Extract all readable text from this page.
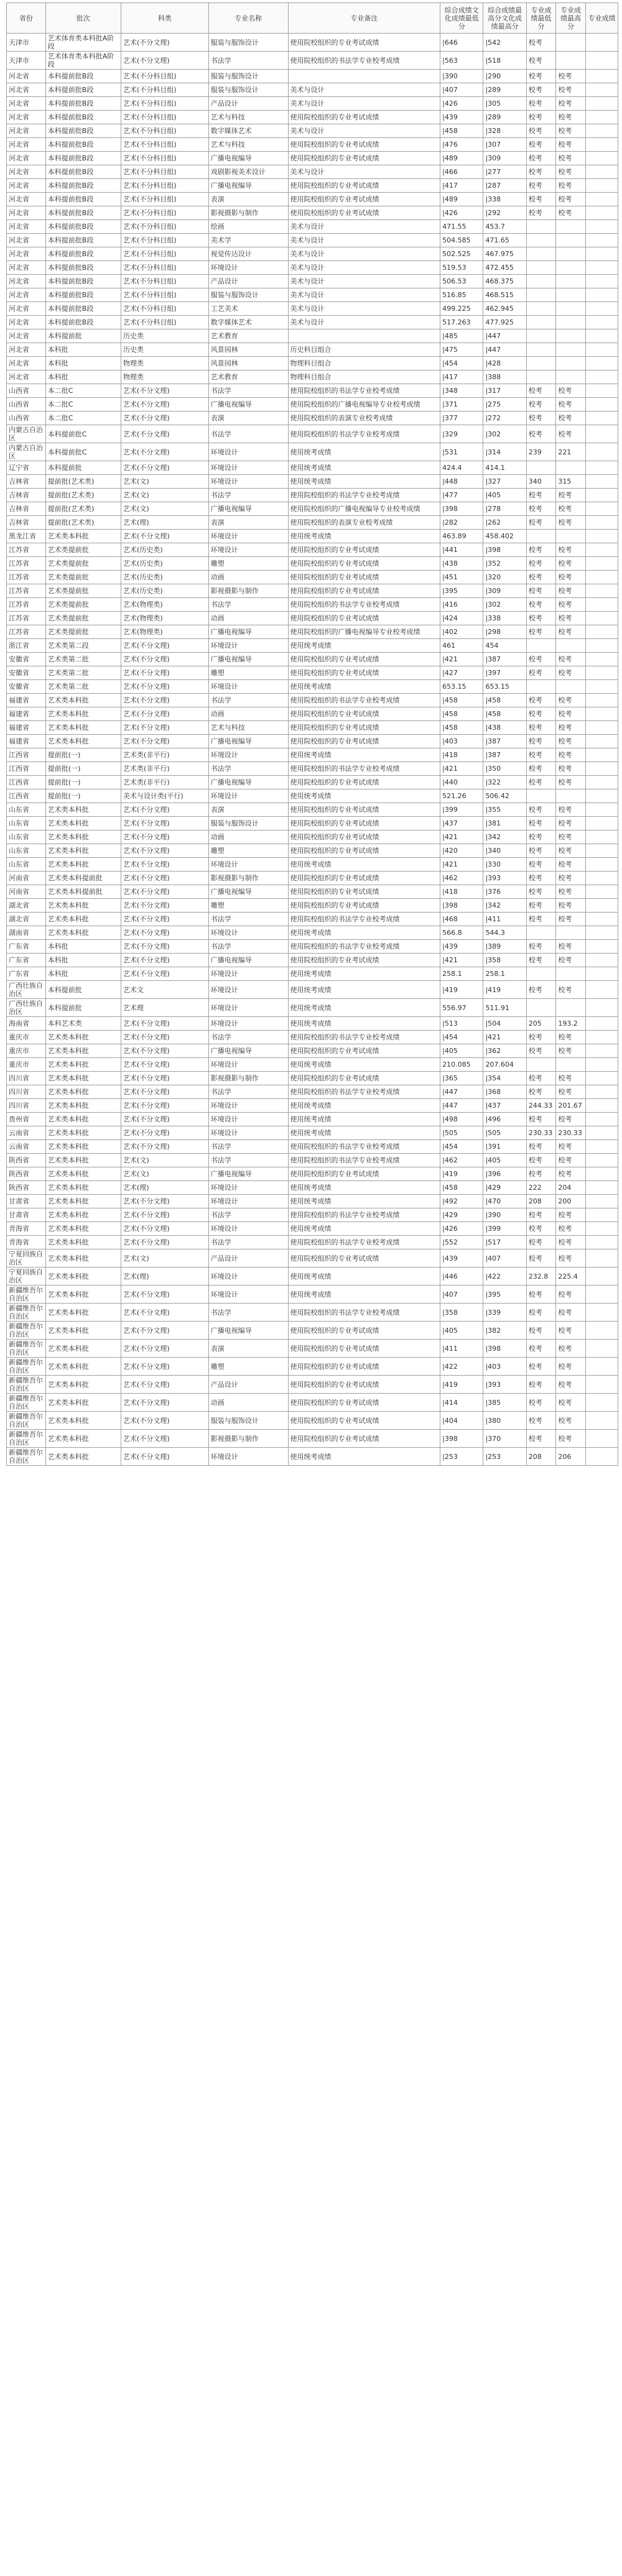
省份	批次	科类	专业名称	专业备注	综合成绩文化成绩最低分	综合成绩最高分文化成绩最高分	专业成绩最低分	专业成绩最高分	专业成绩
天津市	艺术体育类本科批A阶段	艺术(不分文理)	服装与服饰设计	使用院校组织的专业考试成绩	|646	|542	校考		
天津市	艺术体育类本科批A阶段	艺术(不分文理)	书法学	使用院校组织的书法学专业校考成绩	|563	|518	校考		
河北省	本科提前批B段	艺术(不分科目组)	服装与服饰设计		|390	|290	校考	校考	
河北省	本科提前批B段	艺术(不分科目组)	服装与服饰设计	美术与设计	|407	|289	校考	校考	
河北省	本科提前批B段	艺术(不分科目组)	产品设计	美术与设计	|426	|305	校考	校考	
河北省	本科提前批B段	艺术(不分科目组)	艺术与科技	使用院校组织的专业考试成绩	|439	|289	校考	校考	
河北省	本科提前批B段	艺术(不分科目组)	数字媒体艺术	美术与设计	|458	|328	校考	校考	
河北省	本科提前批B段	艺术(不分科目组)	艺术与科技	使用院校组织的专业考试成绩	|476	|307	校考	校考	
河北省	本科提前批B段	艺术(不分科目组)	广播电视编导	使用院校组织的专业考试成绩	|489	|309	校考	校考	
河北省	本科提前批B段	艺术(不分科目组)	戏剧影视美术设计	美术与设计	|466	|277	校考	校考	
河北省	本科提前批B段	艺术(不分科目组)	广播电视编导	使用院校组织的专业考试成绩	|417	|287	校考	校考	
河北省	本科提前批B段	艺术(不分科目组)	表演	使用院校组织的专业考试成绩	|489	|338	校考	校考	
河北省	本科提前批B段	艺术(不分科目组)	影视摄影与制作	使用院校组织的专业考试成绩	|426	|292	校考	校考	
河北省	本科提前批B段	艺术(不分科目组)	绘画	美术与设计	471.55	453.7			
河北省	本科提前批B段	艺术(不分科目组)	美术学	美术与设计	504.585	471.65			
河北省	本科提前批B段	艺术(不分科目组)	视觉传达设计	美术与设计	502.525	467.975			
河北省	本科提前批B段	艺术(不分科目组)	环境设计	美术与设计	519.53	472.455			
河北省	本科提前批B段	艺术(不分科目组)	产品设计	美术与设计	506.53	468.375			
河北省	本科提前批B段	艺术(不分科目组)	服装与服饰设计	美术与设计	516.85	468.515			
河北省	本科提前批B段	艺术(不分科目组)	工艺美术	美术与设计	499.225	462.945			
河北省	本科提前批B段	艺术(不分科目组)	数字媒体艺术	美术与设计	517.263	477.925			
河北省	本科提前批	历史类	艺术教育		|485	|447			
河北省	本科批	历史类	风景园林	历史科目组合	|475	|447			
河北省	本科批	物理类	风景园林	物理科目组合	|454	|428			
河北省	本科批	物理类	艺术教育	物理科目组合	|417	|388			
山西省	本二批C	艺术(不分文理)	书法学	使用院校组织的书法学专业校考成绩	|348	|317	校考	校考	
山西省	本二批C	艺术(不分文理)	广播电视编导	使用院校组织的广播电视编导专业校考成绩	|371	|275	校考	校考	
山西省	本二批C	艺术(不分文理)	表演	使用院校组织的表演专业校考成绩	|377	|272	校考	校考	
内蒙古自治区	本科提前批C	艺术(不分文理)	书法学	使用院校组织的书法学专业校考成绩	|329	|302	校考	校考	
内蒙古自治区	本科提前批C	艺术(不分文理)	环境设计	使用统考成绩	|531	|314	239	221	
辽宁省	本科提前批	艺术(不分文理)	环境设计	使用统考成绩	424.4	414.1			
吉林省	提前批(艺术类)	艺术(文)	环境设计	使用统考成绩	|448	|327	340	315	
吉林省	提前批(艺术类)	艺术(文)	书法学	使用院校组织的书法学专业校考成绩	|477	|405	校考	校考	
吉林省	提前批(艺术类)	艺术(文)	广播电视编导	使用院校组织的广播电视编导专业校考成绩	|398	|278	校考	校考	
吉林省	提前批(艺术类)	艺术(理)	表演	使用院校组织的表演专业校考成绩	|282	|262	校考	校考	
黑龙江省	艺术类本科批	艺术(不分文理)	环境设计	使用统考成绩	463.89	458.402			
江苏省	艺术类提前批	艺术(历史类)	环境设计	使用院校组织的专业考试成绩	|441	|398	校考	校考	
江苏省	艺术类提前批	艺术(历史类)	雕塑	使用院校组织的专业考试成绩	|438	|352	校考	校考	
江苏省	艺术类提前批	艺术(历史类)	动画	使用院校组织的专业考试成绩	|451	|320	校考	校考	
江苏省	艺术类提前批	艺术(历史类)	影视摄影与制作	使用院校组织的专业考试成绩	|395	|309	校考	校考	
江苏省	艺术类提前批	艺术(物理类)	书法学	使用院校组织的书法学专业校考成绩	|416	|302	校考	校考	
江苏省	艺术类提前批	艺术(物理类)	动画	使用院校组织的专业考试成绩	|424	|338	校考	校考	
江苏省	艺术类提前批	艺术(物理类)	广播电视编导	使用院校组织的广播电视编导专业校考成绩	|402	|298	校考	校考	
浙江省	艺术类第二段	艺术(不分文理)	环境设计	使用统考成绩	461	454			
安徽省	艺术类第二批	艺术(不分文理)	广播电视编导	使用院校组织的专业考试成绩	|421	|387	校考	校考	
安徽省	艺术类第二批	艺术(不分文理)	雕塑	使用院校组织的专业考试成绩	|427	|397	校考	校考	
安徽省	艺术类第二批	艺术(不分文理)	环境设计	使用统考成绩	653.15	653.15			
福建省	艺术类本科批	艺术(不分文理)	书法学	使用院校组织的书法学专业校考成绩	|458	|458	校考	校考	
福建省	艺术类本科批	艺术(不分文理)	动画	使用院校组织的专业考试成绩	|458	|458	校考	校考	
福建省	艺术类本科批	艺术(不分文理)	艺术与科技	使用院校组织的专业考试成绩	|458	|438	校考	校考	
福建省	艺术类本科批	艺术(不分文理)	广播电视编导	使用院校组织的专业考试成绩	|403	|387	校考	校考	
江西省	提前批(一)	艺术类(非平行)	环境设计	使用统考成绩	|418	|387	校考	校考	
江西省	提前批(一)	艺术类(非平行)	书法学	使用院校组织的书法学专业校考成绩	|421	|350	校考	校考	
江西省	提前批(一)	艺术类(非平行)	广播电视编导	使用院校组织的专业考试成绩	|440	|322	校考	校考	
江西省	提前批(一)	美术与设计类(平行)	环境设计	使用统考成绩	521.26	506.42			
山东省	艺术类本科批	艺术(不分文理)	表演	使用院校组织的专业考试成绩	|399	|355	校考	校考	
山东省	艺术类本科批	艺术(不分文理)	服装与服饰设计	使用院校组织的专业考试成绩	|437	|381	校考	校考	
山东省	艺术类本科批	艺术(不分文理)	动画	使用院校组织的专业考试成绩	|421	|342	校考	校考	
山东省	艺术类本科批	艺术(不分文理)	雕塑	使用院校组织的专业考试成绩	|420	|340	校考	校考	
山东省	艺术类本科批	艺术(不分文理)	环境设计	使用统考成绩	|421	|330	校考	校考	
河南省	艺术类本科提前批	艺术(不分文理)	影视摄影与制作	使用院校组织的专业考试成绩	|462	|393	校考	校考	
河南省	艺术类本科提前批	艺术(不分文理)	广播电视编导	使用院校组织的专业考试成绩	|418	|376	校考	校考	
湖北省	艺术类本科批	艺术(不分文理)	雕塑	使用院校组织的专业考试成绩	|398	|342	校考	校考	
湖北省	艺术类本科批	艺术(不分文理)	书法学	使用院校组织的书法学专业校考成绩	|468	|411	校考	校考	
湖南省	艺术类本科批	艺术(不分文理)	环境设计	使用统考成绩	566.8	544.3			
广东省	本科批	艺术(不分文理)	书法学	使用院校组织的书法学专业校考成绩	|439	|389	校考	校考	
广东省	本科批	艺术(不分文理)	广播电视编导	使用院校组织的专业考试成绩	|421	|358	校考	校考	
广东省	本科批	艺术(不分文理)	环境设计	使用统考成绩	258.1	258.1			
广西壮族自治区	本科提前批	艺术文	环境设计	使用统考成绩	|419	|419	校考	校考	
广西壮族自治区	本科提前批	艺术理	环境设计	使用统考成绩	556.97	511.91			
海南省	本科艺术类	艺术(不分文理)	环境设计	使用统考成绩	|513	|504	205	193.2	
重庆市	艺术类本科批	艺术(不分文理)	书法学	使用院校组织的书法学专业校考成绩	|454	|421	校考	校考	
重庆市	艺术类本科批	艺术(不分文理)	广播电视编导	使用院校组织的专业考试成绩	|405	|362	校考	校考	
重庆市	艺术类本科批	艺术(不分文理)	环境设计	使用统考成绩	210.085	207.604			
四川省	艺术类本科批	艺术(不分文理)	影视摄影与制作	使用院校组织的专业考试成绩	|365	|354	校考	校考	
四川省	艺术类本科批	艺术(不分文理)	书法学	使用院校组织的书法学专业校考成绩	|447	|368	校考	校考	
四川省	艺术类本科批	艺术(不分文理)	环境设计	使用统考成绩	|447	|437	244.33	201.67	
贵州省	艺术类本科批	艺术(不分文理)	环境设计	使用统考成绩	|498	|496	校考	校考	
云南省	艺术类本科批	艺术(不分文理)	环境设计	使用统考成绩	|505	|505	230.33	230.33	
云南省	艺术类本科批	艺术(不分文理)	书法学	使用院校组织的书法学专业校考成绩	|454	|391	校考	校考	
陕西省	艺术类本科批	艺术(文)	书法学	使用院校组织的书法学专业校考成绩	|462	|405	校考	校考	
陕西省	艺术类本科批	艺术(文)	广播电视编导	使用院校组织的专业考试成绩	|419	|396	校考	校考	
陕西省	艺术类本科批	艺术(理)	环境设计	使用统考成绩	|458	|429	222	204	
甘肃省	艺术类本科批	艺术(不分文理)	环境设计	使用统考成绩	|492	|470	208	200	
甘肃省	艺术类本科批	艺术(不分文理)	书法学	使用院校组织的书法学专业校考成绩	|429	|390	校考	校考	
青海省	艺术类本科批	艺术(不分文理)	环境设计	使用统考成绩	|426	|399	校考	校考	
青海省	艺术类本科批	艺术(不分文理)	书法学	使用院校组织的书法学专业校考成绩	|552	|517	校考	校考	
宁夏回族自治区	艺术类本科批	艺术(文)	产品设计	使用院校组织的专业考试成绩	|439	|407	校考	校考	
宁夏回族自治区	艺术类本科批	艺术(理)	环境设计	使用统考成绩	|446	|422	232.8	225.4	
新疆维吾尔自治区	艺术类本科批	艺术(不分文理)	环境设计	使用统考成绩	|407	|395	校考	校考	
新疆维吾尔自治区	艺术类本科批	艺术(不分文理)	书法学	使用院校组织的书法学专业校考成绩	|358	|339	校考	校考	
新疆维吾尔自治区	艺术类本科批	艺术(不分文理)	广播电视编导	使用院校组织的专业考试成绩	|405	|382	校考	校考	
新疆维吾尔自治区	艺术类本科批	艺术(不分文理)	表演	使用院校组织的专业考试成绩	|411	|398	校考	校考	
新疆维吾尔自治区	艺术类本科批	艺术(不分文理)	雕塑	使用院校组织的专业考试成绩	|422	|403	校考	校考	
新疆维吾尔自治区	艺术类本科批	艺术(不分文理)	产品设计	使用院校组织的专业考试成绩	|419	|393	校考	校考	
新疆维吾尔自治区	艺术类本科批	艺术(不分文理)	动画	使用院校组织的专业考试成绩	|414	|385	校考	校考	
新疆维吾尔自治区	艺术类本科批	艺术(不分文理)	服装与服饰设计	使用院校组织的专业考试成绩	|404	|380	校考	校考	
新疆维吾尔自治区	艺术类本科批	艺术(不分文理)	影视摄影与制作	使用院校组织的专业考试成绩	|398	|370	校考	校考	
新疆维吾尔自治区	艺术类本科批	艺术(不分文理)	环境设计	使用统考成绩	|253	|253	208	206	
